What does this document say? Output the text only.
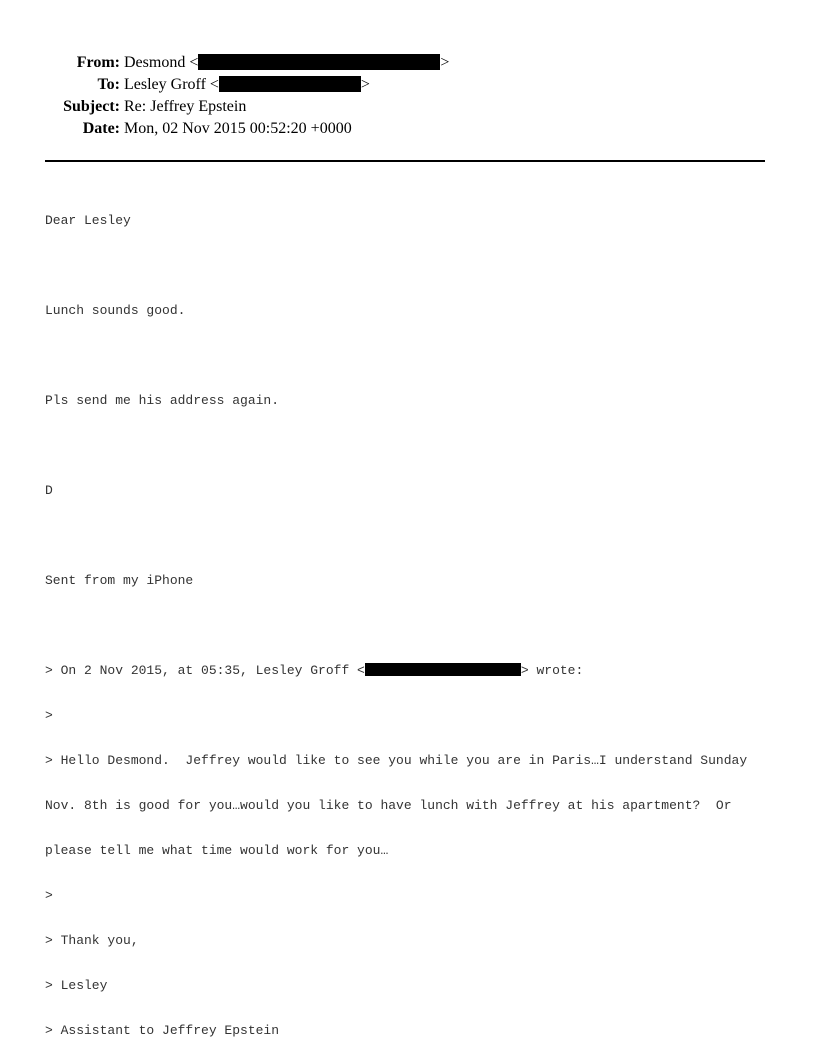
From: Desmond <	>
To: Lesley Groff <	>
Subject: Re: Jeffrey Epstein
Date: Mon, 02 Nov 2015 00:52:20 +0000

Dear Lesley

Lunch sounds good.

Pls send me his address again.

D

Sent from my iPhone

> On 2 Nov 2015, at 05:35, Lesley Groff <	> wrote:

>

> Hello Desmond.  Jeffrey would like to see you while you are in Paris…I understand Sunday

Nov. 8th is good for you…would you like to have lunch with Jeffrey at his apartment?  Or

please tell me what time would work for you…

>

> Thank you,

> Lesley

> Assistant to Jeffrey Epstein
